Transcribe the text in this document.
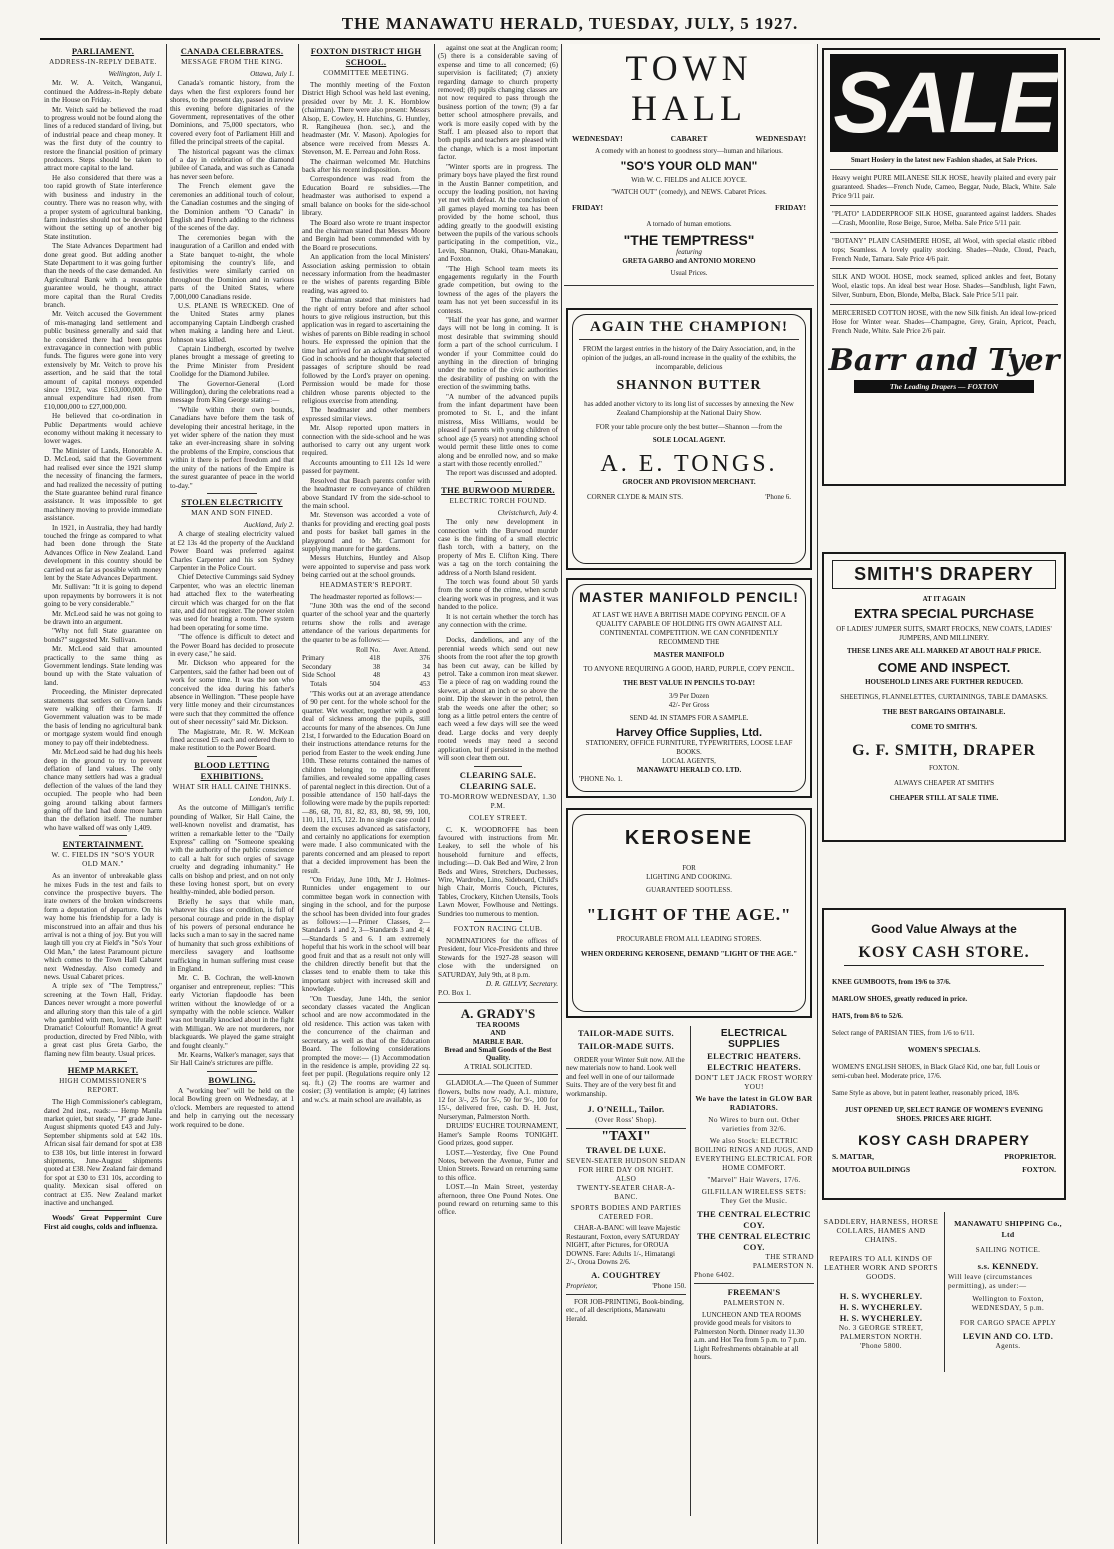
THE MANAWATU HERALD, TUESDAY, JULY, 5 1927.
PARLIAMENT.
ADDRESS-IN-REPLY DEBATE.
Wellington, July 1.

Mr. W. A. Veitch, Wanganui, continued the Address-in-Reply debate in the House on Friday.

Mr. Veitch said he believed the road to progress would not be found along the lines of a reduced standard of living, but of industrial peace and cheap money. It was the first duty of the country to restore the financial position of primary producers. Steps should be taken to attract more capital to the land.

He also considered that there was a too rapid growth of State interference with business and industry in the country. There was no reason why, with a proper system of agricultural banking, farm industries should not be developed without the setting up of another big State institution.

The State Advances Department had done great good. But adding another State Department to it was going further than the needs of the case demanded. An Agricultural Bank with a reasonable guarantee would, he thought, attract more capital than the Rural Credits branch.

Mr. Veitch accused the Government of mis-managing land settlement and public business generally and said that he considered there had been gross extravagance in connection with public funds. The figures were gone into very extensively by Mr. Veitch to prove his assertion, and he said that the total amount of capital moneys expended since 1912, was £163,000,000. The annual expenditure had risen from £10,000,000 to £27,000,000.

He believed that co-ordination in Public Departments would achieve economy without making it necessary to lower wages.

The Minister of Lands, Honorable A. D. McLeod, said that the Government had realised ever since the 1921 slump the necessity of financing the farmers, and had realized the necessity of putting the State guarantee behind rural finance assistance. It was impossible to get machinery moving to provide immediate assistance.

In 1921, in Australia, they had hardly touched the fringe as compared to what had been done through the State Advances Office in New Zealand. Land development in this country should be carried out as far as possible with money lent by the State Advances Department.

Mr. Sullivan: "It it is going to depend upon repayments by borrowers it is not going to be very considerable."

Mr. McLeod said he was not going to be drawn into an argument.

"Why not full State guarantee on bonds?" suggested Mr. Sullivan.

Mr. McLeod said that amounted practically to the same thing as Government lendings. State lending was bound up with the State valuation of land.

Proceeding, the Minister deprecated statements that settlers on Crown lands were walking off their farms. If Government valuation was to be made the basis of lending no agricultural bank or mortgage system would find enough money to pay off their indebtedness.

Mr. McLeod said he had dug his heels deep in the ground to try to prevent deflation of land values. The only chance many settlers had was a gradual deflection of the values of the land they occupied. The people who had been going around talking about farmers going off the land had done more harm than the deflation itself. The number who have walked off was only 1,409.

ENTERTAINMENT.
W. C. FIELDS IN "SO'S YOUR OLD MAN."

As an inventor of unbreakable glass he mixes Fuds in the test and fails to convince the prospective buyers. The irate owners of the broken windscreens form a deputation of departure. On his way home his friendship for a lady is misconstrued into an affair and thus his arrival is not a thing of joy. But you will laugh till you cry at Field's in "So's Your Old Man," the latest Paramount picture which comes to the Town Hall Cabaret next Wednesday. Also comedy and news. Usual Cabaret prices.

A triple sex of "The Temptress," screening at the Town Hall, Friday. Dances never wrought a more powerful and alluring story than this tale of a girl who gambled with men, love, life itself! Dramatic! Colourful! Romantic! A great production, directed by Fred Niblo, with a great cast plus Greta Garbo, the flaming new film beauty. Usual prices.

HEMP MARKET.
HIGH COMMISSIONER'S REPORT.

The High Commissioner's cablegram, dated 2nd inst., reads:— Hemp Manila market quiet, but steady, "J" grade June-August shipments quoted £43 and July-September shipments sold at £42 10s. African sisal fair demand for spot at £38 to £38 10s, but little interest in forward shipments, June-August shipments quoted at £38. New Zealand fair demand for spot at £30 to £31 10s, according to quality. Mexican sisal offered on contract at £35. New Zealand market inactive and unchanged.

Woods' Great Peppermint Cure First aid coughs, colds and influenza.

CANADA CELEBRATES.
MESSAGE FROM THE KING.
Ottawa, July 1.

Canada's romantic history, from the days when the first explorers found her shores, to the present day, passed in review this evening before dignitaries of the Government, representatives of the other Dominions, and 75,000 spectators, who covered every foot of Parliament Hill and filled the principal streets of the capital.

The historical pageant was the climax of a day in celebration of the diamond jubilee of Canada, and was such as Canada has never seen before.

The French element gave the ceremonies an additional touch of colour, the Canadian costumes and the singing of the Dominion anthem "O Canada" in English and French adding to the richness of the scenes of the day.

The ceremonies began with the inauguration of a Carillon and ended with a State banquet to-night, the whole epitomising the country's life, and festivities were similarly carried on throughout the Dominion and in various parts of the United States, where 7,000,000 Canadians reside.

U.S. PLANE IS WRECKED. One of the United States army planes accompanying Captain Lindbergh crashed when making a landing here and Lieut. Johnson was killed.

Captain Lindbergh, escorted by twelve planes brought a message of greeting to the Prime Minister from President Coolidge for the Diamond Jubilee.

The Governor-General (Lord Willingdon), during the celebrations read a message from King George stating:—

"While within their own bounds, Canadians have before them the task of developing their ancestral heritage, in the yet wider sphere of the nation they must take an ever-increasing share in solving the problems of the Empire, conscious that within it there is perfect freedom and that the unity of the nations of the Empire is the surest guarantee of peace in the world to-day."

STOLEN ELECTRICITY
MAN AND SON FINED.
Auckland, July 2.

A charge of stealing electricity valued at £2 13s 4d the property of the Auckland Power Board was preferred against Charles Carpenter and his son Sydney Carpenter in the Police Court.

Chief Detective Cummings said Sydney Carpenter, who was an electric lineman had attached flex to the waterheating circuit which was charged for on the flat rate, and did not register. The power stolen was used for heating a room. The system had been operating for some time.

"The offence is difficult to detect and the Power Board has decided to prosecute in every case," he said.

Mr. Dickson who appeared for the Carpenters, said the father had been out of work for some time. It was the son who conceived the idea during his father's absence in Wellington. "These people have very little money and their circumstances were such that they committed the offence out of sheer necessity" said Mr. Dickson.

The Magistrate, Mr. R. W. McKean fined accused £5 each and ordered them to make restitution to the Power Board.

BLOOD LETTING EXHIBITIONS.
WHAT SIR HALL CAINE THINKS.
London, July 1.

As the outcome of Milligan's terrific pounding of Walker, Sir Hall Caine, the well-known novelist and dramatist, has written a remarkable letter to the "Daily Express" calling on "Someone speaking with the authority of the public conscience to call a halt for such orgies of savage cruelty and degrading inhumanity." He calls on bishop and priest, and on not only these loving honest sport, but on every healthy-minded, able bodied person.

Briefly he says that while man, whatever his class or condition, is full of personal courage and pride in the display of his powers of personal endurance he lacks such a man to say in the sacred name of humanity that such gross exhibitions of merciless savagery and loathsome trafficking in human suffering must cease in England.

Mr. C. B. Cochran, the well-known organiser and entrepreneur, replies: "This early Victorian flapdoodle has been written without the knowledge of or a sympathy with the noble science. Walker was not brutally knocked about in the fight with Milligan. We are not murderers, nor blackguards. We played the game straight and fought cleanly."

Mr. Kearns, Walker's manager, says that Sir Hall Caine's strictures are piffle.

BOWLING.

A "working bee" will be held on the local Bowling green on Wednesday, at 1 o'clock. Members are requested to attend and help in carrying out the necessary work required to be done.

FOXTON DISTRICT HIGH SCHOOL.
COMMITTEE MEETING.

The monthly meeting of the Foxton District High School was held last evening, presided over by Mr. J. K. Hornblow (chairman). There were also present: Messrs Alsop, E. Cowley, H. Hutchins, G. Huntley, R. Rangiheuea (hon. sec.), and the headmaster (Mr. V. Mason). Apologies for absence were received from Messrs A. Stevenson, M. E. Perreau and John Ross.

The chairman welcomed Mr. Hutchins back after his recent indisposition.

Correspondence was read from the Education Board re subsidies.—The headmaster was authorised to expend a small balance on books for the side-school library.

The Board also wrote re truant inspector and the chairman stated that Messrs Moore and Bergin had been commended with by the Board re prosecutions.

An application from the local Ministers' Association asking permission to obtain necessary information from the headmaster re the wishes of parents regarding Bible reading, was agreed to.

The chairman stated that ministers had the right of entry before and after school hours to give religious instruction, but this application was in regard to ascertaining the wishes of parents on Bible reading in school hours. He expressed the opinion that the time had arrived for an acknowledgment of God in schools and he thought that selected passages of scripture should be read followed by the Lord's prayer on opening. Permission would be made for those children whose parents objected to the religious exercise from attending.

The headmaster and other members expressed similar views.

Mr. Alsop reported upon matters in connection with the side-school and he was authorised to carry out any urgent work required.

Accounts amounting to £11 12s 1d were passed for payment.

Resolved that Beach parents confer with the headmaster re conveyance of children above Standard IV from the side-school to the main school.

Mr. Stevenson was accorded a vote of thanks for providing and erecting goal posts and posts for basket ball games in the playground and to Mr. Carmont for supplying manure for the gardens.

Messrs Hutchins, Huntley and Alsop were appointed to supervise and pass work being carried out at the school grounds.

HEADMASTER'S REPORT.

The headmaster reported as follows:—

"June 30th was the end of the second quarter of the school year and the quarterly returns show the rolls and average attendance of the various departments for the quarter to be as follows:—

	Roll No.	Aver. Attend.
Primary	418	376
Secondary	38	34
Side School	48	43
Totals	504	453

"This works out at an average attendance of 90 per cent. for the whole school for the quarter. Wet weather, together with a good deal of sickness among the pupils, still accounts for many of the absences. On June 21st, I forwarded to the Education Board on their instructions attendance returns for the period from Easter to the week ending June 10th. These returns contained the names of children belonging to nine different families, and revealed some appalling cases of parental neglect in this direction. Out of a possible attendance of 150 half-days the following were made by the pupils reported:—86, 68, 70, 81, 82, 83, 80, 98, 99, 100, 110, 111, 115, 122. In no single case could I deem the excuses advanced as satisfactory, and certainly no applications for exemption were made. I also communicated with the parents concerned and am pleased to report that a decided improvement has been the result.

"On Friday, June 10th, Mr J. Holmes-Runnicles under engagement to our committee began work in connection with singing in the school, and for the purpose the school has been divided into four grades as follows:—1—Primer Classes, 2—Standards 1 and 2, 3—Standards 3 and 4; 4—Standards 5 and 6. I am extremely hopeful that his work in the school will bear good fruit and that as a result not only will the children directly benefit but that the classes tend to enable them to take this important subject with increased skill and knowledge.

"On Tuesday, June 14th, the senior secondary classes vacated the Anglican school and are now accommodated in the old residence. This action was taken with the concurrence of the chairman and secretary, as well as that of the Education Board. The following considerations prompted the move:— (1) Accommodation in the residence is ample, providing 22 sq. feet per pupil. (Regulations require only 12 sq. ft.) (2) The rooms are warmer and cosier; (3) ventilation is ample; (4) latrines and w.c's. at main school are available, as

against one seat at the Anglican room; (5) there is a considerable saving of expense and time to all concerned; (6) supervision is facilitated; (7) anxiety regarding damage to church property removed; (8) pupils changing classes are not now required to pass through the business portion of the town; (9) a far better school atmosphere prevails, and work is more easily coped with by the Staff. I am pleased also to report that both pupils and teachers are pleased with the change, which is a most important factor.

"Winter sports are in progress. The primary boys have played the first round in the Austin Banner competition, and occupy the leading position, not having yet met with defeat. At the conclusion of all games played morning tea has been provided by the home school, thus adding greatly to the goodwill existing between the pupils of the various schools participating in the competition, viz., Levin, Shannon, Otaki, Ohau-Manakau, and Foxton.

"The High School team meets its engagements regularly in the Fourth grade competition, but owing to the lowness of the ages of the players the team has not yet been successful in its contests.

"Half the year has gone, and warmer days will not be long in coming. It is most desirable that swimming should form a part of the school curriculum. I wonder if your Committee could do anything in the direction of bringing under the notice of the civic authorities the desirability of pushing on with the erection of the swimming baths.

"A number of the advanced pupils from the infant department have been promoted to St. I., and the infant mistress, Miss Williams, would be pleased if parents with young children of school age (5 years) not attending school would permit these little ones to come along and be enrolled now, and so make a start with those recently enrolled."

The report was discussed and adopted.

THE BURWOOD MURDER.
ELECTRIC TORCH FOUND.
Christchurch, July 4.

The only new development in connection with the Burwood murder case is the finding of a small electric flash torch, with a battery, on the property of Mrs E. Clifton King. There was a tag on the torch containing the address of a North Island resident.

The torch was found about 50 yards from the scene of the crime, when scrub clearing work was in progress, and it was handed to the police.

It is not certain whether the torch has any connection with the crime.

Docks, dandelions, and any of the perennial weeds which send out new shoots from the root after the top growth has been cut away, can be killed by petrol. Take a common iron meat skewer. Tie a piece of rag on wadding round the skewer, at about an inch or so above the point. Dip the skewer in the petrol, then stab the weeds one after the other; so long as a little petrol enters the centre of each weed a few days will see the weed dead. Large docks and very deeply rooted weeds may need a second application, but if persisted in the method will soon clear them out.

CLEARING SALE. CLEARING SALE.
TO-MORROW WEDNESDAY, 1.30 P.M.
COLEY STREET.

C. K. WOODROFFE has been favoured with instructions from Mr. Leakey, to sell the whole of his household furniture and effects, including:—D. Oak Bed and Wire, 2 Iron Beds and Wires, Stretchers, Duchesses, Wire, Wardrobe, Lino, Sideboard, Child's high Chair, Morris Couch, Pictures, Tables, Crockery, Kitchen Utensils, Tools Lawn Mower, Fowlhouse and Nettings. Sundries too numerous to mention.

FOXTON RACING CLUB.

NOMINATIONS for the offices of President, four Vice-Presidents and three Stewards for the 1927-28 season will close with the undersigned on SATURDAY, July 9th, at 8 p.m.

D. R. GILLVY, Secretary.
P.O. Box 1.
A. GRADY'S
TEA ROOMS
AND
MARBLE BAR.
Bread and Small Goods of the Best Quality.
A TRIAL SOLICITED.

GLADIOLA.—The Queen of Summer flowers, bulbs now ready, A.1. mixture, 12 for 3/-, 25 for 5/-, 50 for 9/-, 100 for 15/-, delivered free, cash. D. H. Just, Nurseryman, Palmerston North.

DRUIDS' EUCHRE TOURNAMENT, Hamer's Sample Rooms TONIGHT. Good prizes, good supper.

LOST.—Yesterday, five One Pound Notes, between the Avenue, Futter and Union Streets. Reward on returning same to this office.

LOST.—In Main Street, yesterday afternoon, three One Pound Notes. One pound reward on returning same to this office.

TOWN HALL
WEDNESDAY!	CABARET	WEDNESDAY!
A comedy with an honest to goodness story—human and hilarious.
"SO'S YOUR OLD MAN"
With W. C. FIELDS and ALICE JOYCE.
"WATCH OUT" (comedy), and NEWS. Cabaret Prices.
FRIDAY!	FRIDAY!
A tornado of human emotions.
"THE TEMPTRESS"
featuring
GRETA GARBO and ANTONIO MORENO
Usual Prices.
AGAIN THE CHAMPION!
FROM the largest entries in the history of the Dairy Association, and, in the opinion of the judges, an all-round increase in the quality of the exhibits, the incomparable, delicious
SHANNON BUTTER
has added another victory to its long list of successes by annexing the New Zealand Championship at the National Dairy Show.
FOR your table procure only the best butter—Shannon —from the
SOLE LOCAL AGENT.
A. E. TONGS.
GROCER AND PROVISION MERCHANT.
CORNER CLYDE & MAIN STS.	'Phone 6.
MASTER MANIFOLD PENCIL!
AT LAST WE HAVE A BRITISH MADE COPYING PENCIL OF A QUALITY CAPABLE OF HOLDING ITS OWN AGAINST ALL CONTINENTAL COMPETITION. WE CAN CONFIDENTLY RECOMMEND THE
MASTER MANIFOLD
TO ANYONE REQUIRING A GOOD, HARD, PURPLE, COPY PENCIL.
THE BEST VALUE IN PENCILS TO-DAY!
3/9 Per Dozen
42/- Per Gross
SEND 4d. IN STAMPS FOR A SAMPLE.
Harvey Office Supplies, Ltd.
STATIONERY, OFFICE FURNITURE, TYPEWRITERS, LOOSE LEAF BOOKS.
LOCAL AGENTS,
MANAWATU HERALD CO. LTD.
'PHONE No. 1.
KEROSENE
FOR
LIGHTING AND COOKING.
GUARANTEED SOOTLESS.
"LIGHT OF THE AGE."
PROCURABLE FROM ALL LEADING STORES.
WHEN ORDERING KEROSENE, DEMAND "LIGHT OF THE AGE."
TAILOR-MADE SUITS.
TAILOR-MADE SUITS.

ORDER your Winter Suit now. All the new materials now to hand. Look well and feel well in one of our tailormade Suits. They are of the very best fit and workmanship.

J. O'NEILL, Tailor.
(Over Ross' Shop).
"TAXI"
TRAVEL DE LUXE.
SEVEN-SEATER HUDSON SEDAN FOR HIRE DAY OR NIGHT.
ALSO
TWENTY-SEATER CHAR-A-BANC.
SPORTS BODIES AND PARTIES CATERED FOR.

CHAR-A-BANC will leave Majestic Restaurant, Foxton, every SATURDAY NIGHT, after Pictures, for OROUA DOWNS. Fare: Adults 1/-, Himatangi 2/-, Oroua Downs 2/6.

A. COUGHTREY
Proprietor,	'Phone 150.

FOR JOB-PRINTING, Book-binding, etc., of all descriptions, Manawatu Herald.

ELECTRICAL SUPPLIES
ELECTRIC HEATERS.
ELECTRIC HEATERS.
DON'T LET JACK FROST WORRY YOU!
We have the latest in GLOW BAR RADIATORS.
No Wires to burn out. Other varieties from 32/6.
We also Stock: ELECTRIC BOILING RINGS AND JUGS, AND EVERYTHING ELECTRICAL FOR HOME COMFORT.
"Marvel" Hair Wavers, 17/6.
GILFILLAN WIRELESS SETS: They Get the Music.
THE CENTRAL ELECTRIC COY.
THE CENTRAL ELECTRIC COY.
THE STRAND
PALMERSTON N.
Phone 6402.
FREEMAN'S
PALMERSTON N.

LUNCHEON AND TEA ROOMS provide good meals for visitors to Palmerston North. Dinner ready 11.30 a.m. and Hot Tea from 5 p.m. to 7 p.m. Light Refreshments obtainable at all hours.

SALE
Smart Hosiery in the latest new Fashion shades, at Sale Prices.
Heavy weight PURE MILANESE SILK HOSE, heavily plaited and every pair guaranteed. Shades—French Nude, Cameo, Beggar, Nude, Black, White. Sale Price 9/11 pair.
"PLATO" LADDERPROOF SILK HOSE, guaranteed against ladders. Shades—Crash, Moonlite, Rose Beige, Suroe, Melba. Sale Price 5/11 pair.
"BOTANY" PLAIN CASHMERE HOSE, all Wool, with special elastic ribbed tops; Seamless. A lovely quality stocking. Shades—Nude, Cloud, Peach, French Nude, Tamara. Sale Price 4/6 pair.
SILK AND WOOL HOSE, mock seamed, spliced ankles and feet, Botany Wool, elastic tops. An ideal best wear Hose. Shades—Sandblush, light Fawn, Silver, Sunburn, Ebon, Blonde, Melba, Black. Sale Price 5/11 pair.
MERCERISED COTTON HOSE, with the new Silk finish. An ideal low-priced Hose for Winter wear. Shades—Champagne, Grey, Grain, Apricot, Peach, French Nude, White. Sale Price 2/6 pair.
Barr and Tyer
The Leading Drapers — FOXTON
SMITH'S DRAPERY
AT IT AGAIN
EXTRA SPECIAL PURCHASE
OF LADIES' JUMPER SUITS, SMART FROCKS, NEW COATS, LADIES' JUMPERS, AND MILLINERY.
THESE LINES ARE ALL MARKED AT ABOUT HALF PRICE.
COME AND INSPECT.
HOUSEHOLD LINES ARE FURTHER REDUCED.
SHEETINGS, FLANNELETTES, CURTAININGS, TABLE DAMASKS.
THE BEST BARGAINS OBTAINABLE.
COME TO SMITH'S.
G. F. SMITH, DRAPER
FOXTON.
ALWAYS CHEAPER AT SMITH'S
CHEAPER STILL AT SALE TIME.
Good Value Always at the
KOSY CASH STORE.
KNEE GUMBOOTS, from 19/6 to 37/6.
MARLOW SHOES, greatly reduced in price.
HATS, from 8/6 to 52/6.
Select range of PARISIAN TIES, from 1/6 to 6/11.
WOMEN'S SPECIALS.
WOMEN'S ENGLISH SHOES, in Black Glacé Kid, one bar, full Louis or semi-cuban heel. Moderate price, 17/6.
Same Style as above, but in patent leather, reasonably priced, 18/6.
JUST OPENED UP, SELECT RANGE OF WOMEN'S EVENING SHOES. PRICES ARE RIGHT.
KOSY CASH DRAPERY
S. MATTAR,	PROPRIETOR.
MOUTOA BUILDINGS	FOXTON.
SADDLERY, HARNESS, HORSE COLLARS, HAMES AND CHAINS.
REPAIRS TO ALL KINDS OF LEATHER WORK AND SPORTS GOODS.
H. S. WYCHERLEY.
H. S. WYCHERLEY.
H. S. WYCHERLEY.
No. 3 GEORGE STREET,
PALMERSTON NORTH.
'Phone 5800.
MANAWATU SHIPPING Co., Ltd
SAILING NOTICE.
s.s. KENNEDY.
Will leave (circumstances permitting), as under:—
Wellington to Foxton, WEDNESDAY, 5 p.m.
FOR CARGO SPACE APPLY
LEVIN AND CO. LTD.
Agents.
